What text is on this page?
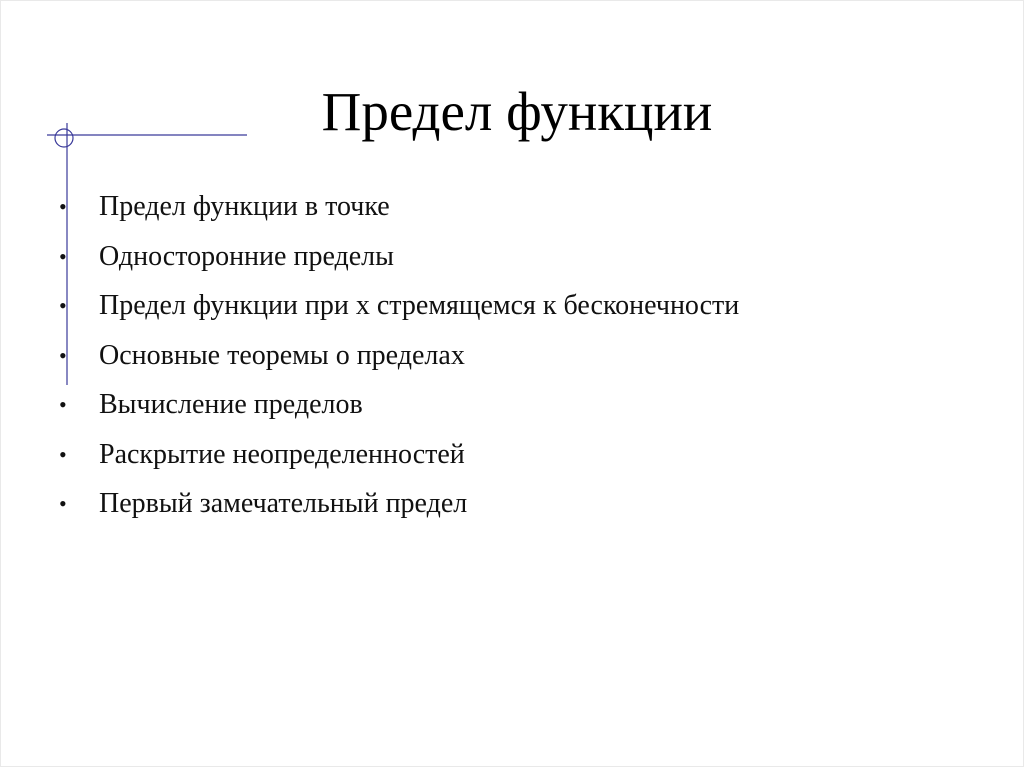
Предел функции
•	Предел функции в точке
•	Односторонние пределы
•	Предел функции при х стремящемся к бесконечности
•	Основные теоремы о пределах
•	Вычисление пределов
•	Раскрытие неопределенностей
•	Первый замечательный предел
